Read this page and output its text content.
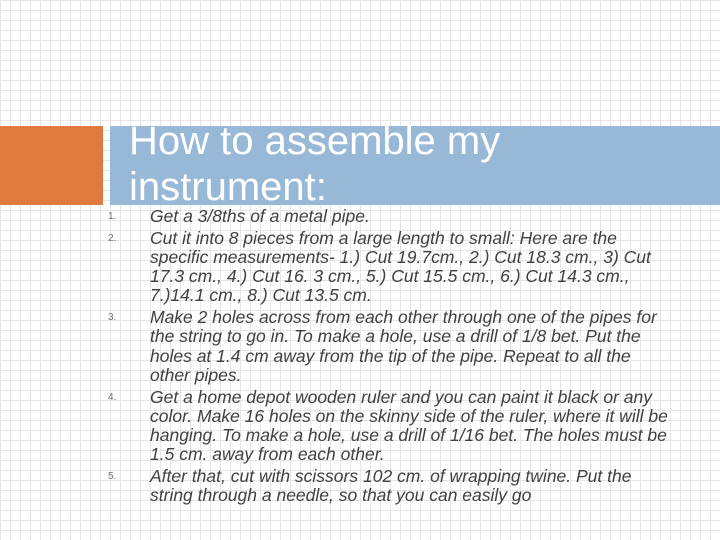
How to assemble my instrument:
1. Get a 3/8ths of a metal pipe.
2. Cut it into 8 pieces from a large length to small: Here are the specific measurements- 1.) Cut 19.7cm., 2.) Cut 18.3 cm., 3) Cut 17.3 cm., 4.) Cut 16. 3 cm., 5.) Cut 15.5 cm., 6.) Cut 14.3 cm., 7.)14.1 cm., 8.) Cut 13.5 cm.
3. Make 2 holes across from each other through one of the pipes for the string to go in. To make a hole, use a drill of 1/8 bet. Put the holes at 1.4 cm away from the tip of the pipe. Repeat to all the other pipes.
4. Get a home depot wooden ruler and you can paint it black or any color. Make 16 holes on the skinny side of the ruler, where it will be hanging. To make a hole, use a drill of 1/16 bet. The holes must be 1.5 cm. away from each other.
5. After that, cut with scissors 102 cm. of wrapping twine. Put the string through a needle, so that you can easily go
